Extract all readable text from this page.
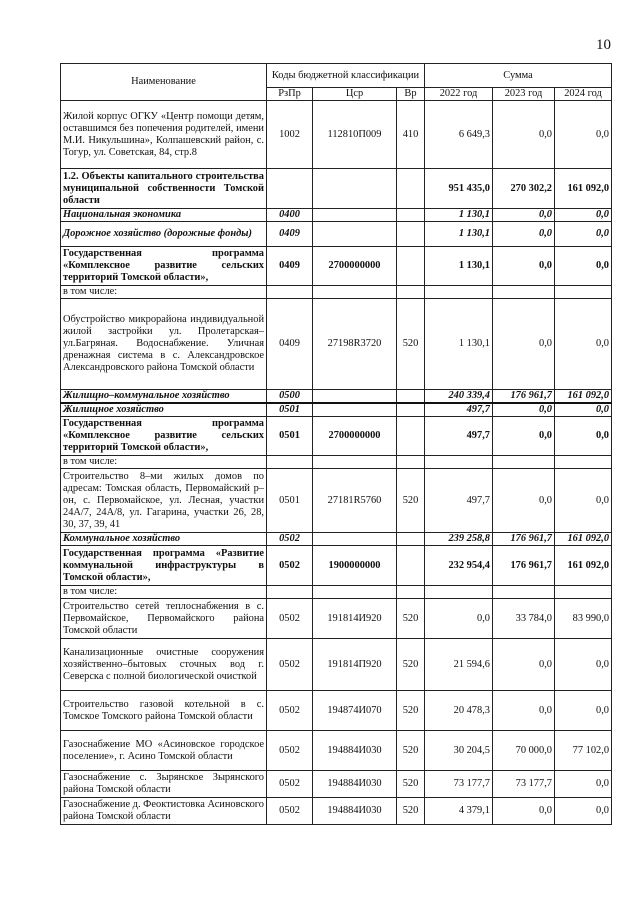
10
Наименование	Коды бюджетной классификации			Сумма		
	РзПр	Цср	Вр	2022 год	2023 год	2024 год
Жилой корпус ОГКУ «Центр помощи детям, оставшимся без попечения родителей, имени М.И. Никульшина», Колпашевский район, с. Тогур, ул. Советская, 84, стр.8	1002	112810П009	410	6 649,3	0,0	0,0
1.2. Объекты капитального строительства муниципальной собственности Томской области				951 435,0	270 302,2	161 092,0
Национальная экономика	0400			1 130,1	0,0	0,0
Дорожное хозяйство (дорожные фонды)	0409			1 130,1	0,0	0,0
Государственная программа «Комплексное развитие сельских территорий Томской области»,	0409	2700000000		1 130,1	0,0	0,0
в том числе:						
Обустройство микрорайона индивидуальной жилой застройки ул. Пролетарская–ул.Багряная. Водоснабжение. Уличная дренажная система в с. Александровское Александровского района Томской области	0409	27198R3720	520	1 130,1	0,0	0,0
Жилищно–коммунальное хозяйство	0500			240 339,4	176 961,7	161 092,0
Жилищное хозяйство	0501			497,7	0,0	0,0
Государственная программа «Комплексное развитие сельских территорий Томской области»,	0501	2700000000		497,7	0,0	0,0
в том числе:						
Строительство 8–ми жилых домов по адресам: Томская область, Первомайский р–он, с. Первомайское, ул. Лесная, участки 24А/7, 24А/8, ул. Гагарина, участки 26, 28, 30, 37, 39, 41	0501	27181R5760	520	497,7	0,0	0,0
Коммунальное хозяйство	0502			239 258,8	176 961,7	161 092,0
Государственная программа «Развитие коммунальной инфраструктуры в Томской области»,	0502	1900000000		232 954,4	176 961,7	161 092,0
в том числе:						
Строительство сетей теплоснабжения в с. Первомайское, Первомайского района Томской области	0502	191814И920	520	0,0	33 784,0	83 990,0
Канализационные очистные сооружения хозяйственно–бытовых сточных вод г. Северска с полной биологической очисткой	0502	191814П920	520	21 594,6	0,0	0,0
Строительство газовой котельной в с. Томское Томского района Томской области	0502	194874И070	520	20 478,3	0,0	0,0
Газоснабжение МО «Асиновское городское поселение», г. Асино Томской области	0502	194884И030	520	30 204,5	70 000,0	77 102,0
Газоснабжение с. Зырянское Зырянского района Томской области	0502	194884И030	520	73 177,7	73 177,7	0,0
Газоснабжение д. Феоктистовка Асиновского района Томской области	0502	194884И030	520	4 379,1	0,0	0,0
